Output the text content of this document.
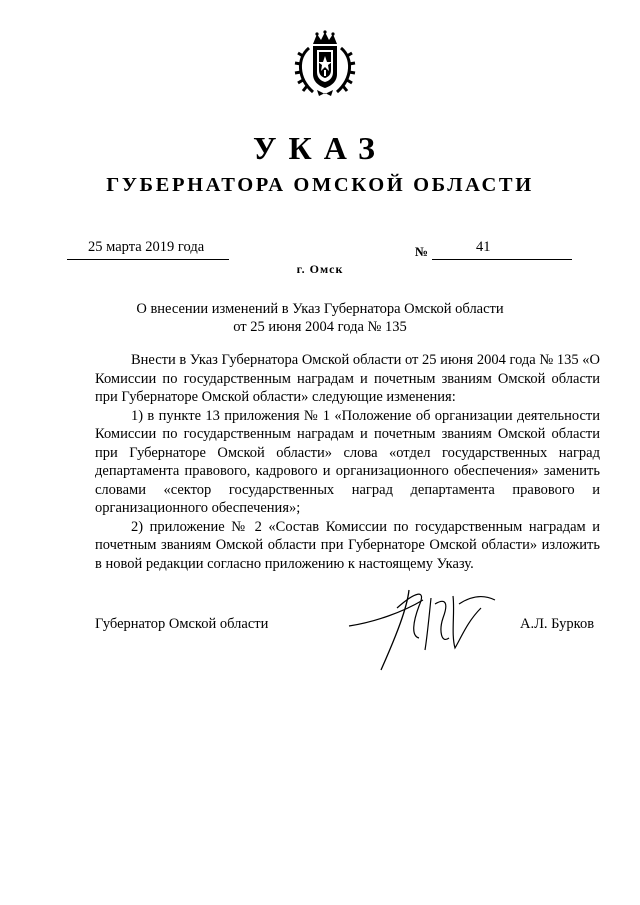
УКАЗ
ГУБЕРНАТОРА ОМСКОЙ ОБЛАСТИ
25 марта 2019 года	№	41
г. Омск
О внесении изменений в Указ Губернатора Омской области
от 25 июня 2004 года № 135

Внести в Указ Губернатора Омской области от 25 июня 2004 года № 135 «О Комиссии по государственным наградам и почетным званиям Омской области при Губернаторе Омской области» следующие изменения:

1) в пункте 13 приложения № 1 «Положение об организации деятельности Комиссии по государственным наградам и почетным званиям Омской области при Губернаторе Омской области» слова «отдел государственных наград департамента правового, кадрового и организационного обеспечения» заменить словами «сектор государственных наград департамента правового и организационного обеспечения»;

2) приложение № 2 «Состав Комиссии по государственным наградам и почетным званиям Омской области при Губернаторе Омской области» изложить в новой редакции согласно приложению к настоящему Указу.

Губернатор Омской области	А.Л. Бурков
